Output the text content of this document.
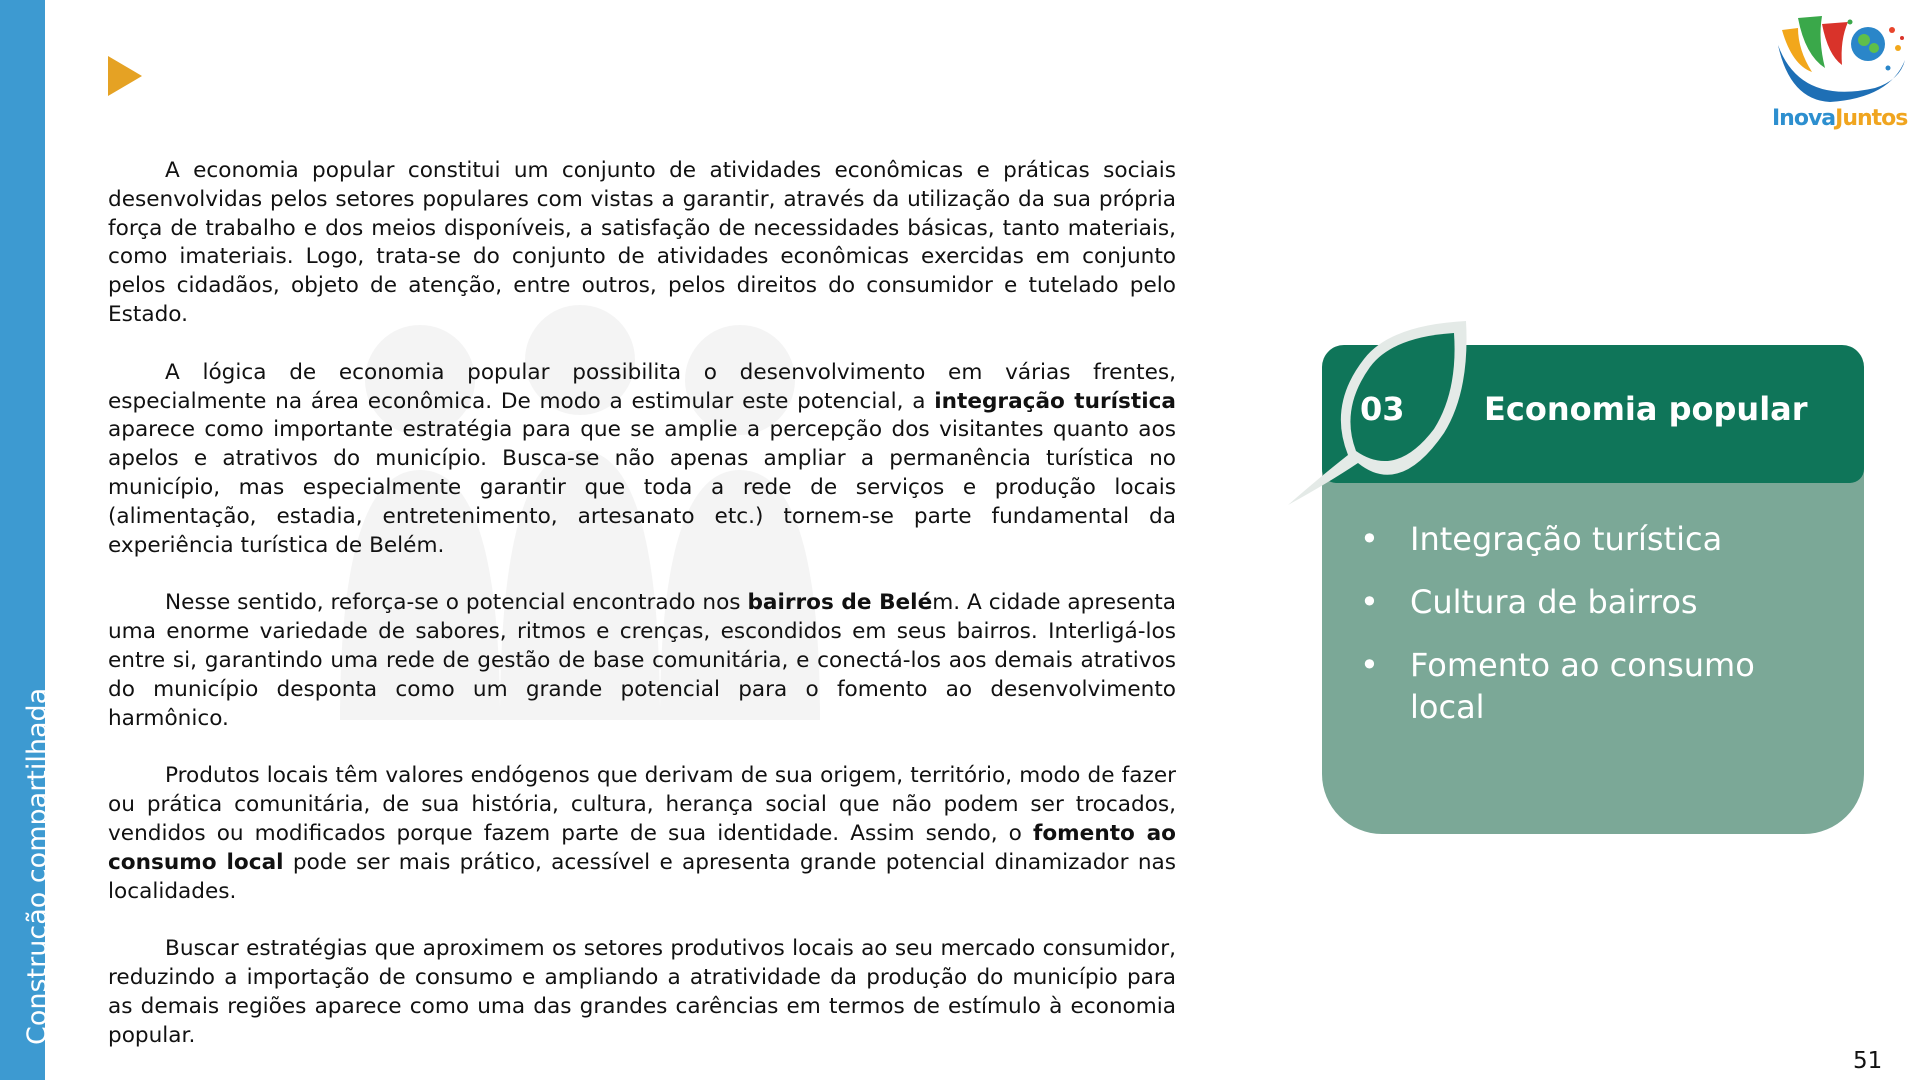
Construção compartilhada
InovaJuntos

A economia popular constitui um conjunto de atividades econômicas e práticas sociais desenvolvidas pelos setores populares com vistas a garantir, através da utilização da sua própria força de trabalho e dos meios disponíveis, a satisfação de necessidades básicas, tanto materiais, como imateriais. Logo, trata-se do conjunto de atividades econômicas exercidas em conjunto pelos cidadãos, objeto de atenção, entre outros, pelos direitos do consumidor e tutelado pelo Estado.

A lógica de economia popular possibilita o desenvolvimento em várias frentes, especialmente na área econômica. De modo a estimular este potencial, a integração turística aparece como importante estratégia para que se amplie a percepção dos visitantes quanto aos apelos e atrativos do município. Busca-se não apenas ampliar a permanência turística no município, mas especialmente garantir que toda a rede de serviços e produção locais (alimentação, estadia, entretenimento, artesanato etc.) tornem-se parte fundamental da experiência turística de Belém.

Nesse sentido, reforça-se o potencial encontrado nos bairros de Belém. A cidade apresenta uma enorme variedade de sabores, ritmos e crenças, escondidos em seus bairros. Interligá-los entre si, garantindo uma rede de gestão de base comunitária, e conectá-los aos demais atrativos do município desponta como um grande potencial para o fomento ao desenvolvimento harmônico.

Produtos locais têm valores endógenos que derivam de sua origem, território, modo de fazer ou prática comunitária, de sua história, cultura, herança social que não podem ser trocados, vendidos ou modificados porque fazem parte de sua identidade. Assim sendo, o fomento ao consumo local pode ser mais prático, acessível e apresenta grande potencial dinamizador nas localidades.

Buscar estratégias que aproximem os setores produtivos locais ao seu mercado consumidor, reduzindo a importação de consumo e ampliando a atratividade da produção do município para as demais regiões aparece como uma das grandes carências em termos de estímulo à economia popular.

03 Economia popular
• Integração turística
• Cultura de bairros
• Fomento ao consumo local
51
